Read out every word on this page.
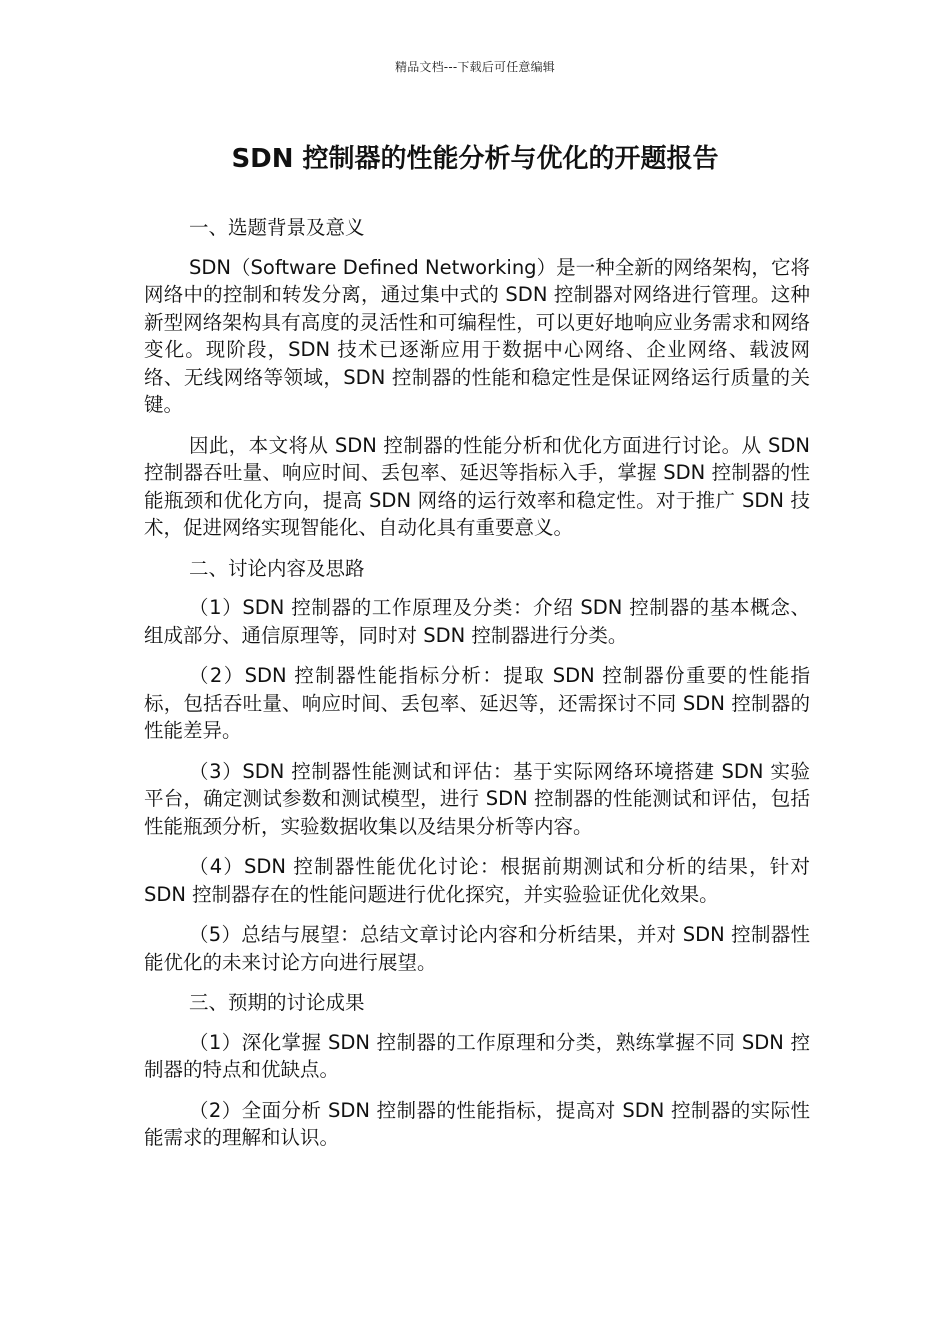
精品文档---下载后可任意编辑
SDN 控制器的性能分析与优化的开题报告

一、选题背景及意义

SDN（Software Defined Networking）是一种全新的网络架构，它将网络中的控制和转发分离，通过集中式的 SDN 控制器对网络进行管理。这种新型网络架构具有高度的灵活性和可编程性，可以更好地响应业务需求和网络变化。现阶段，SDN 技术已逐渐应用于数据中心网络、企业网络、载波网络、无线网络等领域，SDN 控制器的性能和稳定性是保证网络运行质量的关键。

因此，本文将从 SDN 控制器的性能分析和优化方面进行讨论。从 SDN 控制器吞吐量、响应时间、丢包率、延迟等指标入手，掌握 SDN 控制器的性能瓶颈和优化方向，提高 SDN 网络的运行效率和稳定性。对于推广 SDN 技术，促进网络实现智能化、自动化具有重要意义。

二、讨论内容及思路

（1）SDN 控制器的工作原理及分类：介绍 SDN 控制器的基本概念、组成部分、通信原理等，同时对 SDN 控制器进行分类。

（2）SDN 控制器性能指标分析：提取 SDN 控制器份重要的性能指标，包括吞吐量、响应时间、丢包率、延迟等，还需探讨不同 SDN 控制器的性能差异。

（3）SDN 控制器性能测试和评估：基于实际网络环境搭建 SDN 实验平台，确定测试参数和测试模型，进行 SDN 控制器的性能测试和评估，包括性能瓶颈分析，实验数据收集以及结果分析等内容。

（4）SDN 控制器性能优化讨论：根据前期测试和分析的结果，针对 SDN 控制器存在的性能问题进行优化探究，并实验验证优化效果。

（5）总结与展望：总结文章讨论内容和分析结果，并对 SDN 控制器性能优化的未来讨论方向进行展望。

三、预期的讨论成果

（1）深化掌握 SDN 控制器的工作原理和分类，熟练掌握不同 SDN 控制器的特点和优缺点。

（2）全面分析 SDN 控制器的性能指标，提高对 SDN 控制器的实际性能需求的理解和认识。
